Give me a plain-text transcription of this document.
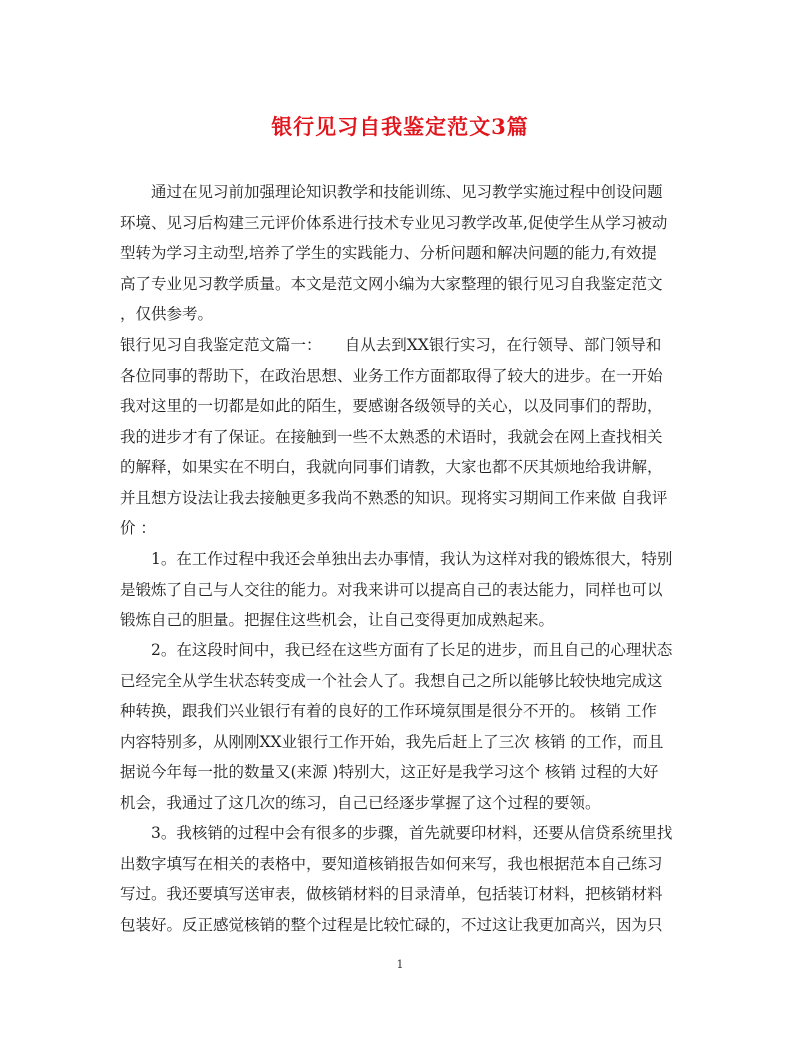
银行见习自我鉴定范文3篇
通过在见习前加强理论知识教学和技能训练、见习教学实施过程中创设问题
环境、见习后构建三元评价体系进行技术专业见习教学改革,促使学生从学习被动
型转为学习主动型,培养了学生的实践能力、分析问题和解决问题的能力,有效提
高了专业见习教学质量。本文是范文网小编为大家整理的银行见习自我鉴定范文
，仅供参考。
银行见习自我鉴定范文篇一：　　自从去到XX银行实习，在行领导、部门领导和
各位同事的帮助下，在政治思想、业务工作方面都取得了较大的进步。在一开始
我对这里的一切都是如此的陌生，要感谢各级领导的关心，以及同事们的帮助，
我的进步才有了保证。在接触到一些不太熟悉的术语时，我就会在网上查找相关
的解释，如果实在不明白，我就向同事们请教，大家也都不厌其烦地给我讲解，
并且想方设法让我去接触更多我尚不熟悉的知识。现将实习期间工作来做 自我评
价 ：
1。在工作过程中我还会单独出去办事情，我认为这样对我的锻炼很大，特别
是锻炼了自己与人交往的能力。对我来讲可以提高自己的表达能力，同样也可以
锻炼自己的胆量。把握住这些机会，让自己变得更加成熟起来。
2。在这段时间中，我已经在这些方面有了长足的进步，而且自己的心理状态
已经完全从学生状态转变成一个社会人了。我想自己之所以能够比较快地完成这
种转换，跟我们兴业银行有着的良好的工作环境氛围是很分不开的。 核销 工作
内容特别多，从刚刚XX业银行工作开始，我先后赶上了三次 核销 的工作，而且
据说今年每一批的数量又(来源 )特别大，这正好是我学习这个 核销 过程的大好
机会，我通过了这几次的练习，自己已经逐步掌握了这个过程的要领。
3。我核销的过程中会有很多的步骤，首先就要印材料，还要从信贷系统里找
出数字填写在相关的表格中，要知道核销报告如何来写，我也根据范本自己练习
写过。我还要填写送审表，做核销材料的目录清单，包括装订材料，把核销材料
包装好。反正感觉核销的整个过程是比较忙碌的，不过这让我更加高兴，因为只
1
